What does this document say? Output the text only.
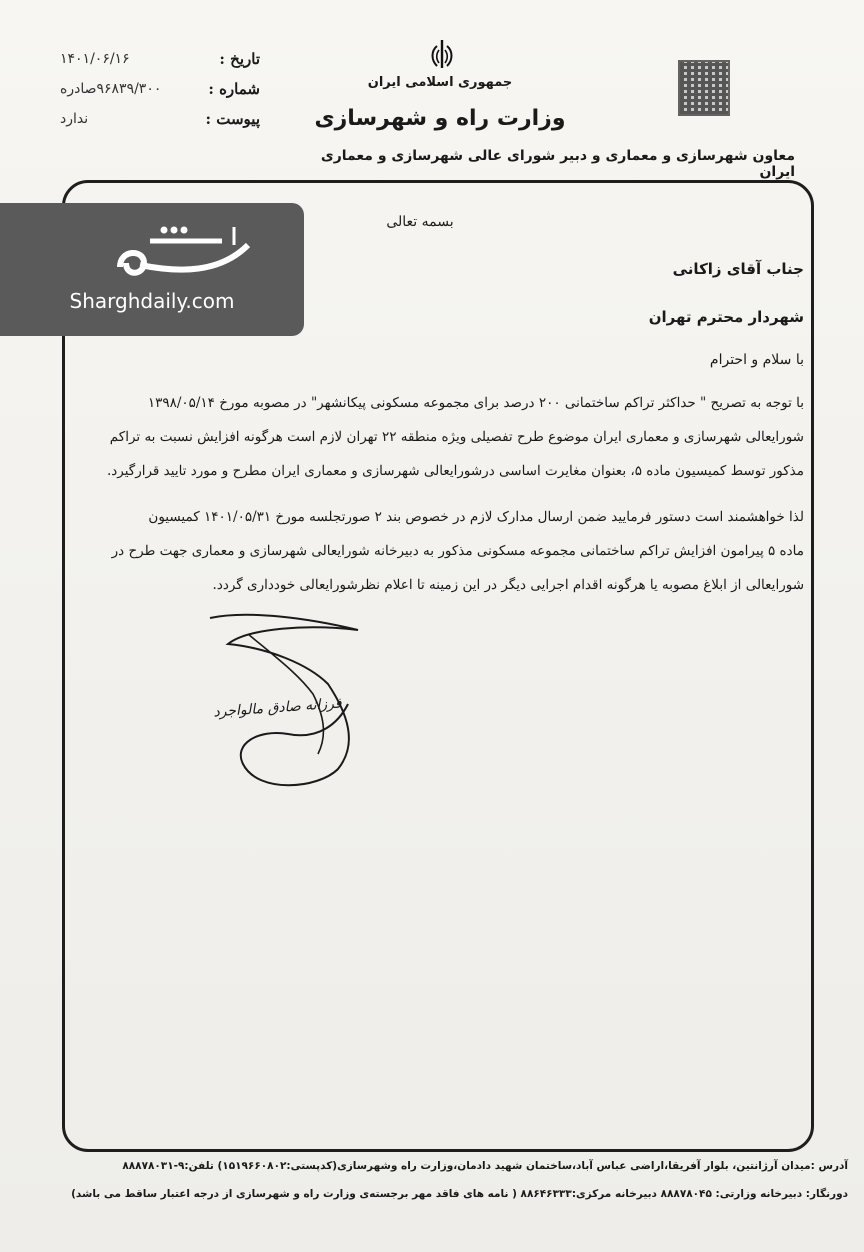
تاریخ :
۱۴۰۱/۰۶/۱۶
شماره :
۹۶۸۳۹/۳۰۰صادره
پیوست :
ندارد
جمهوری اسلامی ایران
وزارت راه و شهرسازی
معاون شهرسازی و معماری و دبیر شورای عالی شهرسازی و معماری ایران
بسمه تعالی
جناب آقای زاکانی
شهردار محترم تهران
با سلام و احترام
با توجه به تصریح " حداکثر تراکم ساختمانی ۲۰۰ درصد برای مجموعه مسکونی پیکانشهر" در مصوبه مورخ ۱۳۹۸/۰۵/۱۴
شورایعالی شهرسازی و معماری ایران موضوع طرح تفصیلی ویژه منطقه ۲۲ تهران لازم است هرگونه افزایش نسبت به تراکم
مذکور توسط کمیسیون ماده ۵، بعنوان مغایرت اساسی درشورایعالی شهرسازی و معماری ایران مطرح و مورد تایید قرارگیرد.
لذا خواهشمند است دستور فرمایید ضمن ارسال مدارک لازم در خصوص بند ۲ صورتجلسه مورخ ۱۴۰۱/۰۵/۳۱ کمیسیون
ماده ۵ پیرامون افزایش تراکم ساختمانی مجموعه مسکونی مذکور به دبیرخانه شورایعالی شهرسازی و معماری جهت طرح در
شورایعالی از ابلاغ مصوبه یا هرگونه اقدام اجرایی دیگر در این زمینه تا اعلام نظرشورایعالی خودداری گردد.
فرزانه صادق مالواجرد
آدرس :میدان آرژانتین، بلوار آفریقا،اراضی عباس آباد،ساختمان شهید دادمان،وزارت راه وشهرسازی(کدپستی:۱۵۱۹۶۶۰۸۰۲) تلفن:۹-۸۸۸۷۸۰۳۱
دورنگار: دبیرخانه وزارتی: ۸۸۸۷۸۰۴۵ دبیرخانه مرکزی:۸۸۶۴۶۳۳۳ ( نامه های فاقد مهر برجسته‌ی وزارت راه و شهرسازی از درجه اعتبار ساقط می باشد)
Sharghdaily.com
